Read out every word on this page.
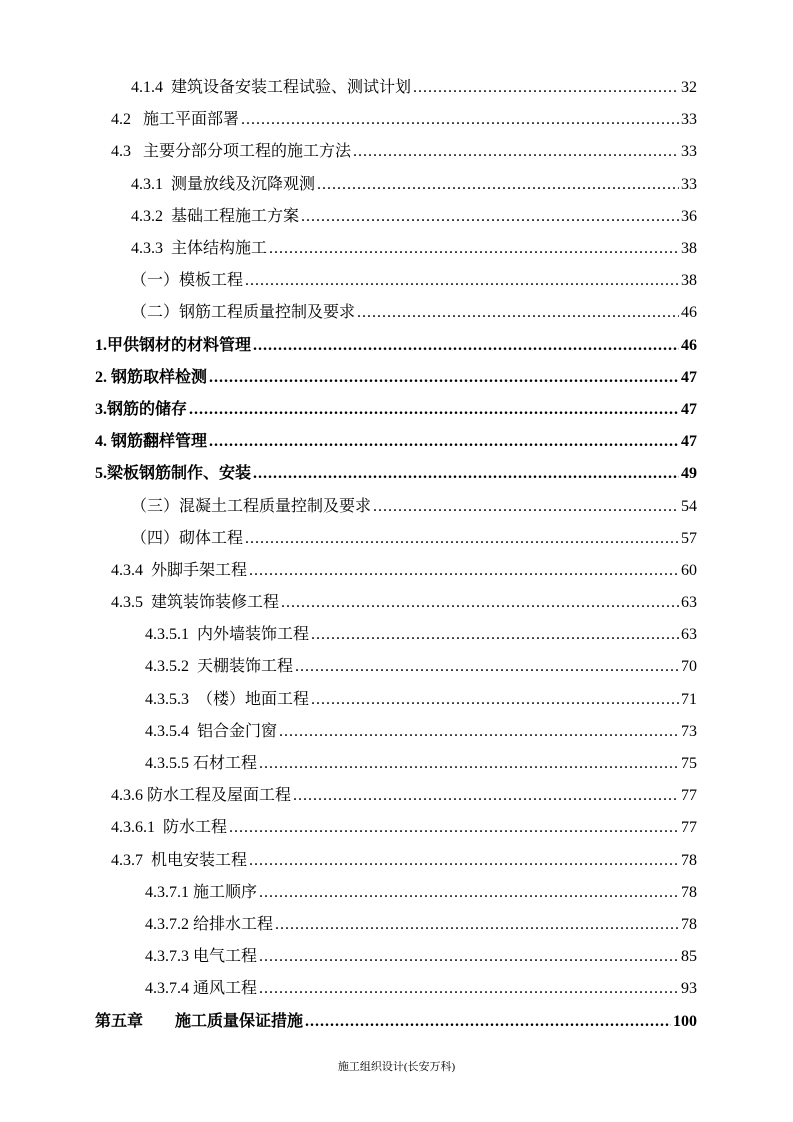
4.1.4  建筑设备安装工程试验、测试计划 .....	32
4.2   施工平面部署 .....	33
4.3   主要分部分项工程的施工方法 .....	33
4.3.1  测量放线及沉降观测 .....	33
4.3.2  基础工程施工方案 .....	36
4.3.3  主体结构施工 .....	38
（一）模板工程 .....	38
（二）钢筋工程质量控制及要求 .....	46
1.甲供钢材的材料管理 .....	46
2. 钢筋取样检测 .....	47
3.钢筋的储存 .....	47
4. 钢筋翻样管理 .....	47
5.梁板钢筋制作、安装 .....	49
（三）混凝土工程质量控制及要求 .....	54
（四）砌体工程 .....	57
4.3.4  外脚手架工程 .....	60
4.3.5  建筑装饰装修工程 .....	63
4.3.5.1  内外墙装饰工程 .....	63
4.3.5.2  天棚装饰工程 .....	70
4.3.5.3  （楼）地面工程 .....	71
4.3.5.4  铝合金门窗 .....	73
4.3.5.5 石材工程 .....	75
4.3.6 防水工程及屋面工程 .....	77
4.3.6.1  防水工程 .....	77
4.3.7  机电安装工程 .....	78
4.3.7.1 施工顺序 .....	78
4.3.7.2 给排水工程 .....	78
4.3.7.3 电气工程 .....	85
4.3.7.4 通风工程 .....	93
第五章        施工质量保证措施 .....	100
施工组织设计(长安万科)
